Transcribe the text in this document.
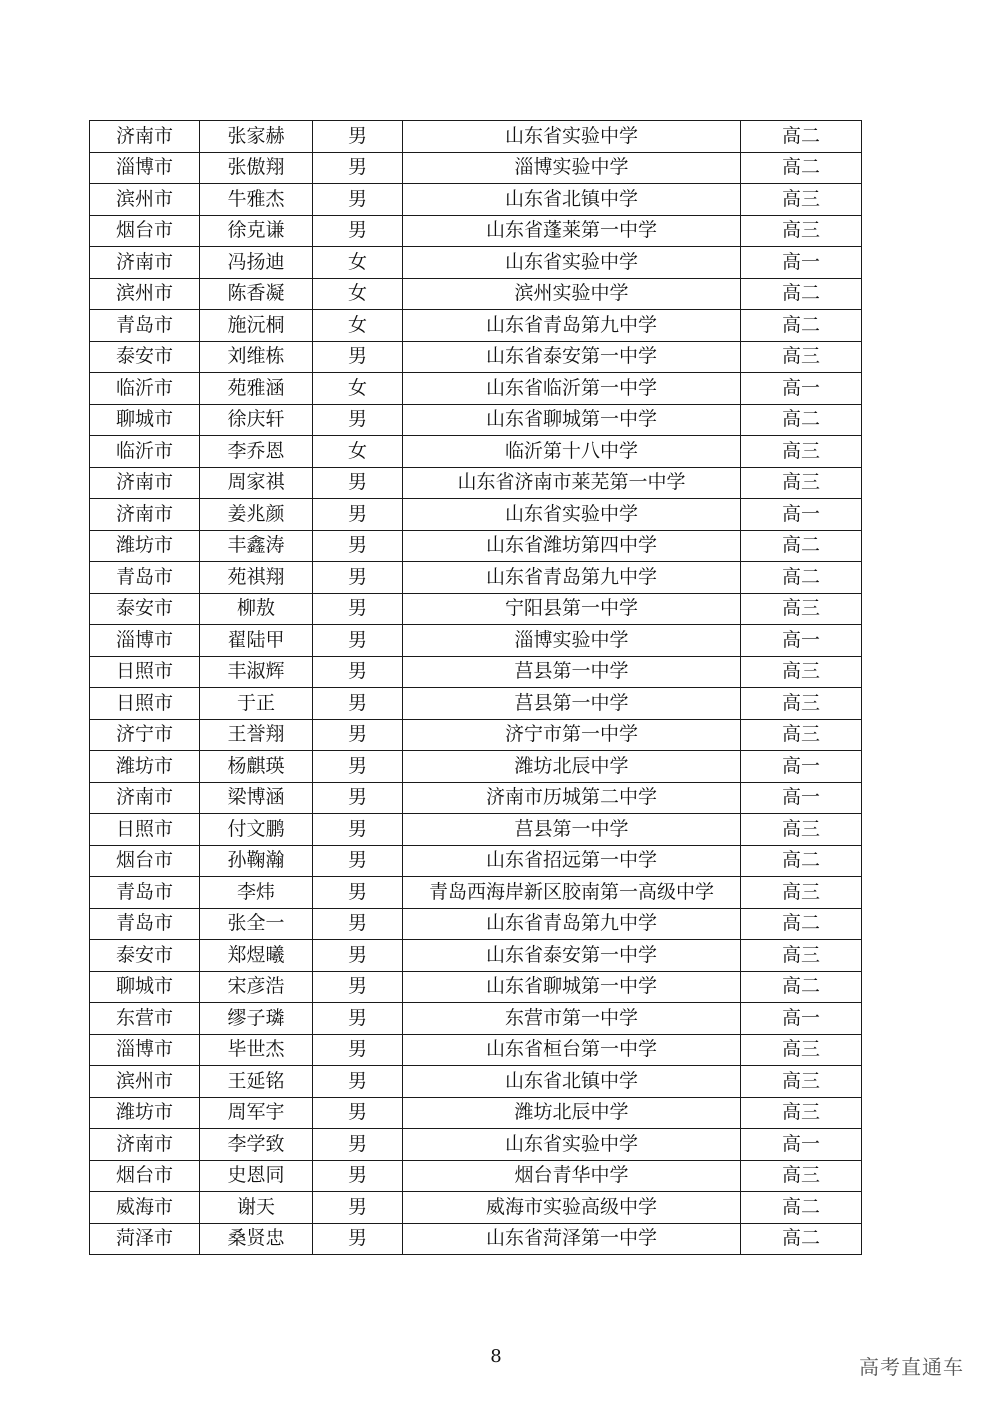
济南市	张家赫	男	山东省实验中学	高二
淄博市	张傲翔	男	淄博实验中学	高二
滨州市	牛雅杰	男	山东省北镇中学	高三
烟台市	徐克谦	男	山东省蓬莱第一中学	高三
济南市	冯扬迪	女	山东省实验中学	高一
滨州市	陈香凝	女	滨州实验中学	高二
青岛市	施沅桐	女	山东省青岛第九中学	高二
泰安市	刘维栋	男	山东省泰安第一中学	高三
临沂市	苑雅涵	女	山东省临沂第一中学	高一
聊城市	徐庆轩	男	山东省聊城第一中学	高二
临沂市	李乔恩	女	临沂第十八中学	高三
济南市	周家祺	男	山东省济南市莱芜第一中学	高三
济南市	姜兆颜	男	山东省实验中学	高一
潍坊市	丰鑫涛	男	山东省潍坊第四中学	高二
青岛市	苑祺翔	男	山东省青岛第九中学	高二
泰安市	柳敖	男	宁阳县第一中学	高三
淄博市	翟陆甲	男	淄博实验中学	高一
日照市	丰淑辉	男	莒县第一中学	高三
日照市	于正	男	莒县第一中学	高三
济宁市	王誉翔	男	济宁市第一中学	高三
潍坊市	杨麒瑛	男	潍坊北辰中学	高一
济南市	梁博涵	男	济南市历城第二中学	高一
日照市	付文鹏	男	莒县第一中学	高三
烟台市	孙鞠瀚	男	山东省招远第一中学	高二
青岛市	李炜	男	青岛西海岸新区胶南第一高级中学	高三
青岛市	张全一	男	山东省青岛第九中学	高二
泰安市	郑煜曦	男	山东省泰安第一中学	高三
聊城市	宋彦浩	男	山东省聊城第一中学	高二
东营市	缪子璘	男	东营市第一中学	高一
淄博市	毕世杰	男	山东省桓台第一中学	高三
滨州市	王延铭	男	山东省北镇中学	高三
潍坊市	周军宇	男	潍坊北辰中学	高三
济南市	李学致	男	山东省实验中学	高一
烟台市	史恩同	男	烟台青华中学	高三
威海市	谢天	男	威海市实验高级中学	高二
菏泽市	桑贤忠	男	山东省菏泽第一中学	高二
8	高考直通车
